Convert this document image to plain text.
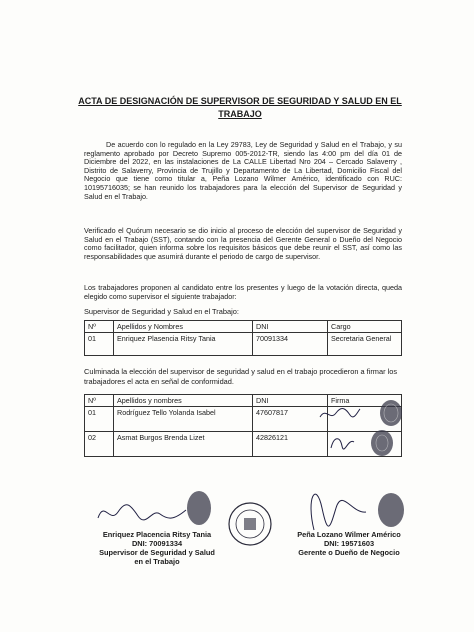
ACTA DE DESIGNACIÓN DE SUPERVISOR DE SEGURIDAD Y SALUD EN EL TRABAJO
De acuerdo con lo regulado en la Ley 29783, Ley de Seguridad y Salud en el Trabajo, y su reglamento aprobado por Decreto Supremo 005-2012-TR, siendo las 4:00 pm del día 01 de Diciembre del 2022, en las instalaciones de La CALLE Libertad Nro 204 – Cercado Salaverry , Distrito de Salaverry, Provincia de Trujillo y Departamento de La Libertad, Domicilio Fiscal del Negocio que tiene como titular a, Peña Lozano Wilmer Américo, identificado con RUC: 10195716035; se han reunido los trabajadores para la elección del Supervisor de Seguridad y Salud en el Trabajo.
Verificado el Quórum necesario se dio inicio al proceso de elección del supervisor de Seguridad y Salud en el Trabajo (SST), contando con la presencia del Gerente General o Dueño del Negocio como facilitador, quien informa sobre los requisitos básicos que debe reunir el SST, así como las responsabilidades que asumirá durante el periodo de cargo de supervisor.
Los trabajadores proponen al candidato entre los presentes y luego de la votación directa, queda elegido como supervisor el siguiente trabajador:
Supervisor de Seguridad y Salud en el Trabajo:
Nº	Apellidos y Nombres	DNI	Cargo
01	Enriquez Plasencia Ritsy Tania	70091334	Secretaria General
Culminada la elección del supervisor de seguridad y salud en el trabajo procedieron a firmar los trabajadores el acta en señal de conformidad.
Nº	Apellidos y nombres	DNI	Firma
01	Rodríguez Tello Yolanda Isabel	47607817	
02	Asmat Burgos Brenda Lizet	42826121	
Enriquez Placencia Ritsy Tania
DNI: 70091334
Supervisor de Seguridad y Salud
en el Trabajo
Peña Lozano Wilmer Américo
DNI: 19571603
Gerente o Dueño de Negocio
